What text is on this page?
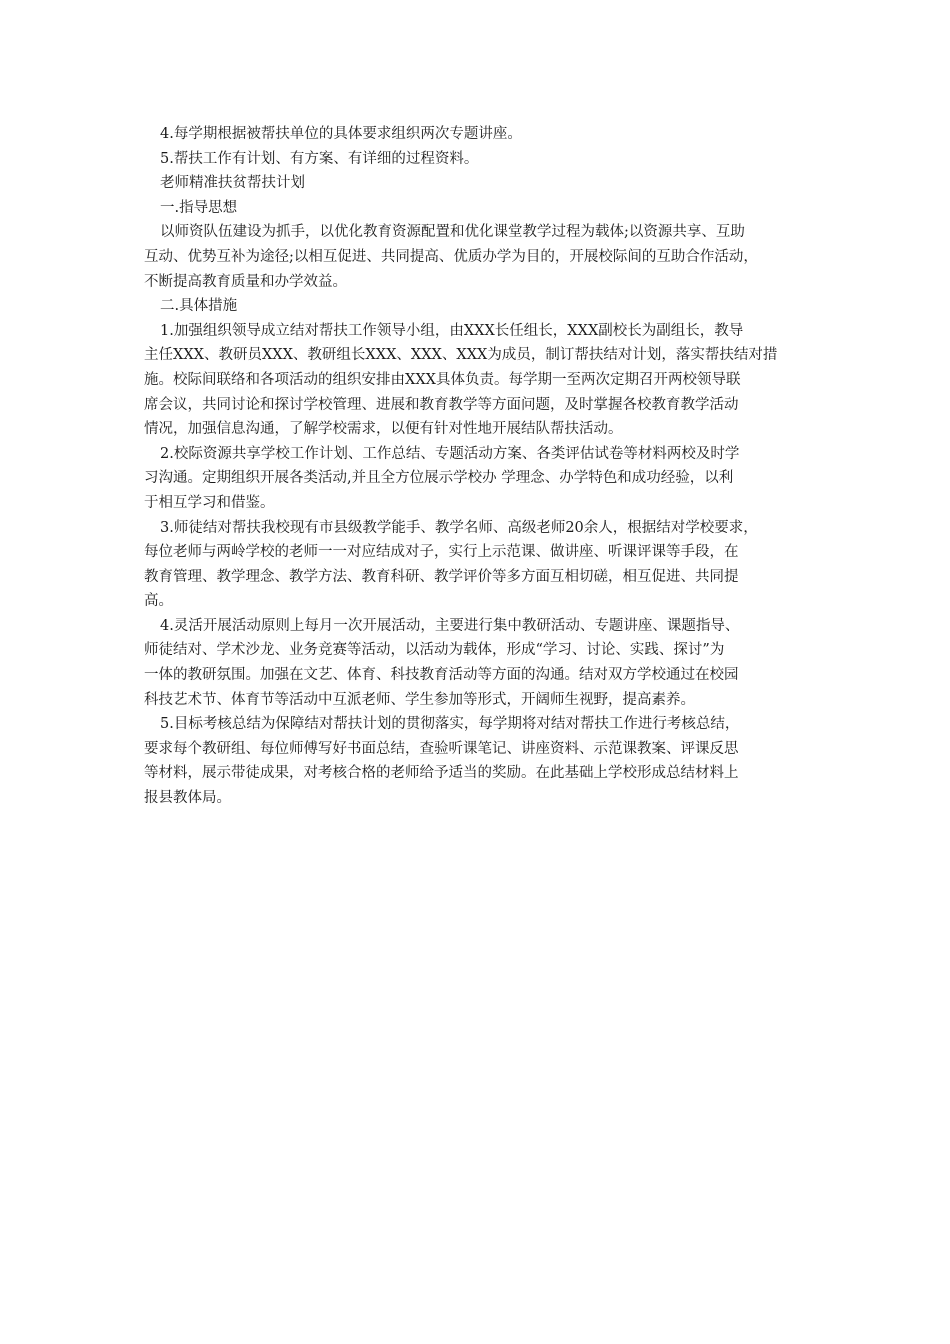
4.每学期根据被帮扶单位的具体要求组织两次专题讲座。
5.帮扶工作有计划、有方案、有详细的过程资料。
老师精准扶贫帮扶计划
一.指导思想
以师资队伍建设为抓手，以优化教育资源配置和优化课堂教学过程为载体;以资源共享、互助
互动、优势互补为途径;以相互促进、共同提高、优质办学为目的，开展校际间的互助合作活动，
不断提高教育质量和办学效益。
二.具体措施
1.加强组织领导成立结对帮扶工作领导小组，由XXX长任组长，XXX副校长为副组长，教导
主任XXX、教研员XXX、教研组长XXX、XXX、XXX为成员，制订帮扶结对计划，落实帮扶结对措
施。校际间联络和各项活动的组织安排由XXX具体负责。每学期一至两次定期召开两校领导联
席会议，共同讨论和探讨学校管理、进展和教育教学等方面问题，及时掌握各校教育教学活动
情况，加强信息沟通，了解学校需求，以便有针对性地开展结队帮扶活动。
2.校际资源共享学校工作计划、工作总结、专题活动方案、各类评估试卷等材料两校及时学
习沟通。定期组织开展各类活动,并且全方位展示学校办 学理念、办学特色和成功经验，以利
于相互学习和借鉴。
3.师徒结对帮扶我校现有市县级教学能手、教学名师、高级老师20余人，根据结对学校要求，
每位老师与两岭学校的老师一一对应结成对子，实行上示范课、做讲座、听课评课等手段，在
教育管理、教学理念、教学方法、教育科研、教学评价等多方面互相切磋，相互促进、共同提
高。
4.灵活开展活动原则上每月一次开展活动，主要进行集中教研活动、专题讲座、课题指导、
师徒结对、学术沙龙、业务竞赛等活动，以活动为载体，形成“学习、讨论、实践、探讨”为
一体的教研氛围。加强在文艺、体育、科技教育活动等方面的沟通。结对双方学校通过在校园
科技艺术节、体育节等活动中互派老师、学生参加等形式，开阔师生视野，提高素养。
5.目标考核总结为保障结对帮扶计划的贯彻落实，每学期将对结对帮扶工作进行考核总结，
要求每个教研组、每位师傅写好书面总结，查验听课笔记、讲座资料、示范课教案、评课反思
等材料，展示带徒成果，对考核合格的老师给予适当的奖励。在此基础上学校形成总结材料上
报县教体局。
